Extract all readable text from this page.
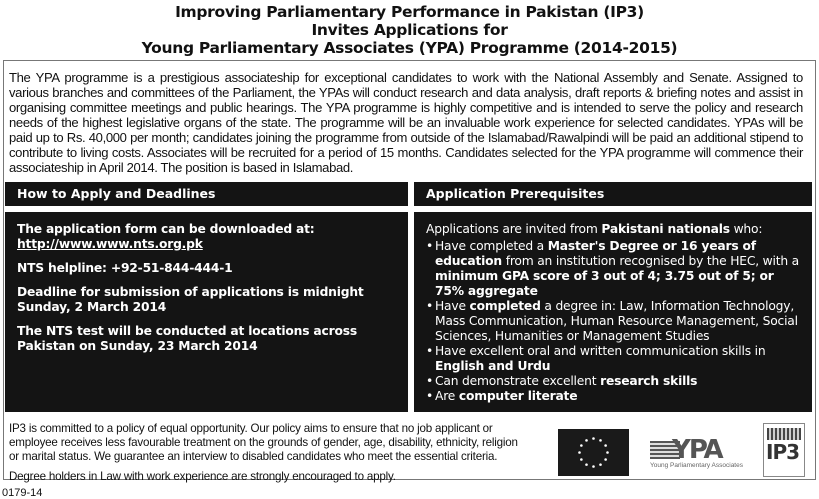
Improving Parliamentary Performance in Pakistan (IP3)
Invites Applications for
Young Parliamentary Associates (YPA) Programme (2014-2015)
The YPA programme is a prestigious associateship for exceptional candidates to work with the National Assembly and Senate. Assigned to various branches and committees of the Parliament, the YPAs will conduct research and data analysis, draft reports & briefing notes and assist in organising committee meetings and public hearings. The YPA programme is highly competitive and is intended to serve the policy and research needs of the highest legislative organs of the state. The programme will be an invaluable work experience for selected candidates. YPAs will be paid up to Rs. 40,000 per month; candidates joining the programme from outside of the Islamabad/Rawalpindi will be paid an additional stipend to contribute to living costs. Associates will be recruited for a period of 15 months. Candidates selected for the YPA programme will commence their associateship in April 2014. The position is based in Islamabad.
How to Apply and Deadlines	Application Prerequisites

The application form can be downloaded at:
http://www.www.nts.org.pk

NTS helpline: +92-51-844-444-1

Deadline for submission of applications is midnight Sunday, 2 March 2014

The NTS test will be conducted at locations across Pakistan on Sunday, 23 March 2014

Applications are invited from Pakistani nationals who:
• Have completed a Master's Degree or 16 years of education from an institution recognised by the HEC, with a minimum GPA score of 3 out of 4; 3.75 out of 5; or 75% aggregate
• Have completed a degree in: Law, Information Technology, Mass Communication, Human Resource Management, Social Sciences, Humanities or Management Studies
• Have excellent oral and written communication skills in English and Urdu
• Can demonstrate excellent research skills
• Are computer literate

IP3 is committed to a policy of equal opportunity. Our policy aims to ensure that no job applicant or employee receives less favourable treatment on the grounds of gender, age, disability, ethnicity, religion or marital status. We guarantee an interview to disabled candidates who meet the essential criteria.

Degree holders in Law with work experience are strongly encouraged to apply.

YPA
Young Parliamentary Associates
IP3
0179-14
